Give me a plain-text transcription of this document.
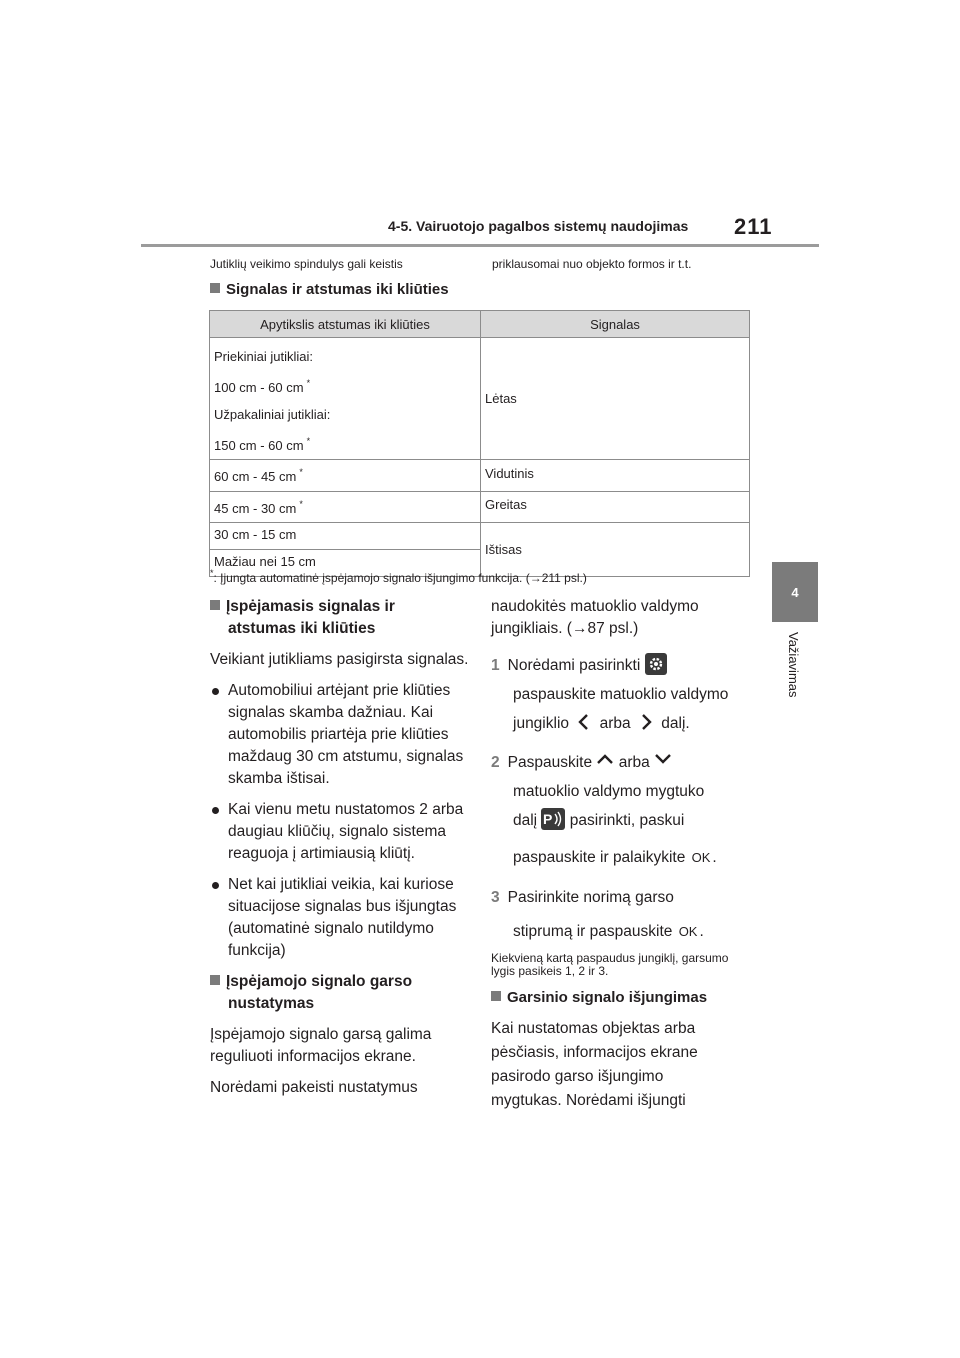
4-5. Vairuotojo pagalbos sistemų naudojimas 211
4
Važiavimas
Jutiklių veikimo spindulys gali keistis	priklausomai nuo objekto formos ir t.t.
Signalas ir atstumas iki kliūties
Apytikslis atstumas iki kliūties	Signalas

Priekiniai jutikliai:
100 cm - 60 cm *
Užpakaliniai jutikliai:
150 cm - 60 cm *	Lėtas
60 cm - 45 cm *	Vidutinis
45 cm - 30 cm *	Greitas
30 cm - 15 cm	Ištisas
Mažiau nei 15 cm	
*: Įjungta automatinė įspėjamojo signalo išjungimo funkcija. (→211 psl.)
Įspėjamasis signalas ir
atstumas iki kliūties
Veikiant jutikliams pasigirsta signalas.
Automobiliui artėjant prie kliūties signalas skamba dažniau. Kai automobilis priartėja prie kliūties maždaug 30 cm atstumu, signalas skamba ištisai.
Kai vienu metu nustatomos 2 arba daugiau kliūčių, signalo sistema reaguoja į artimiausią kliūtį.
Net kai jutikliai veikia, kai kuriose situacijose signalas bus išjungtas (automatinė signalo nutildymo funkcija)
Įspėjamojo signalo garso
nustatymas
Įspėjamojo signalo garsą galima reguliuoti informacijos ekrane.
Norėdami pakeisti nustatymus
naudokitės matuoklio valdymo jungikliais. (→87 psl.)
1 Norėdami pasirinkti
paspauskite matuoklio valdymo
jungiklio arba dalį.
2 Paspauskite arba
matuoklio valdymo mygtuko
dalį P pasirinkti, paskui
paspauskite ir palaikykite OK .
3 Pasirinkite norimą garso
stiprumą ir paspauskite OK .
Kiekvieną kartą paspaudus jungiklį, garsumo lygis pasikeis 1, 2 ir 3.
Garsinio signalo išjungimas
Kai nustatomas objektas arba pėsčiasis, informacijos ekrane pasirodo garso išjungimo mygtukas. Norėdami išjungti
